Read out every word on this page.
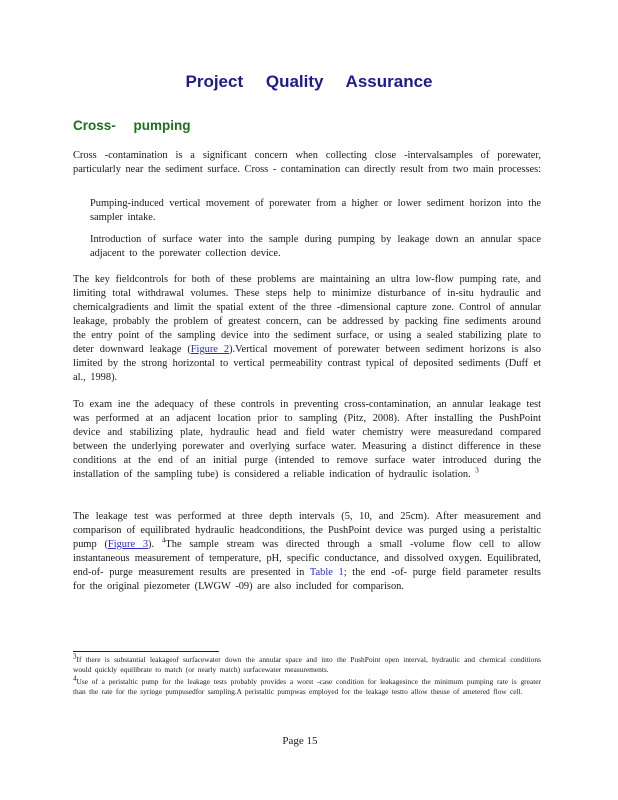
Project Quality Assurance
Cross- pumping
Cross -contamination is a significant concern when collecting close -intervalsamples of porewater, particularly near the sediment surface. Cross - contamination can directly result from two main processes:
Pumping-induced vertical movement of porewater from a higher or lower sediment horizon into the sampler intake.
Introduction of surface water into the sample during pumping by leakage down an annular space adjacent to the porewater collection device.
The key fieldcontrols for both of these problems are maintaining an ultra low-flow pumping rate, and limiting total withdrawal volumes. These steps help to minimize disturbance of in-situ hydraulic and chemicalgradients and limit the spatial extent of the three -dimensional capture zone. Control of annular leakage, probably the problem of greatest concern, can be addressed by packing fine sediments around the entry point of the sampling device into the sediment surface, or using a sealed stabilizing plate to deter downward leakage (Figure 2).Vertical movement of porewater between sediment horizons is also limited by the strong horizontal to vertical permeability contrast typical of deposited sediments (Duff et al., 1998).
To exam ine the adequacy of these controls in preventing cross-contamination, an annular leakage test was performed at an adjacent location prior to sampling (Pitz, 2008). After installing the PushPoint device and stabilizing plate, hydraulic head and field water chemistry were measuredand compared between the underlying porewater and overlying surface water. Measuring a distinct difference in these conditions at the end of an initial purge (intended to remove surface water introduced during the installation of the sampling tube) is considered a reliable indication of hydraulic isolation. $^3$
The leakage test was performed at three depth intervals (5, 10, and 25cm). After measurement and comparison of equilibrated hydraulic headconditions, the PushPoint device was purged using a peristaltic pump (Figure 3). $^4$The sample stream was directed through a small -volume flow cell to allow instantaneous measurement of temperature, pH, specific conductance, and dissolved oxygen. Equilibrated, end-of- purge measurement results are presented in Table 1; the end -of- purge field parameter results for the original piezometer (LWGW -09) are also included for comparison.

$^3$If there is substantial leakageof surfacewater down the annular space and into the PushPoint open interval, hydraulic and chemical conditions would quickly equilibrate to match (or nearly match) surfacewater measurements.

$^4$Use of a peristaltic pump for the leakage tests probably provides a worst -case condition for leakagesince the minimum pumping rate is greater than the rate for the syringe pumpusedfor sampling.A peristaltic pumpwas employed for the leakage testto allow theuse of ametered flow cell.

Page 15
